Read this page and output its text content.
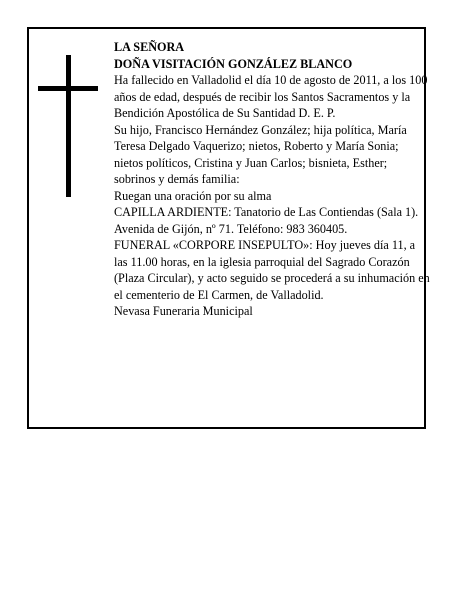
LA SEÑORA

DOÑA VISITACIÓN GONZÁLEZ BLANCO

Ha fallecido en Valladolid el día 10 de agosto de 2011, a los 100 años de edad, después de recibir los Santos Sacramentos y la Bendición Apostólica de Su Santidad D. E. P.

Su hijo, Francisco Hernández González; hija política, María Teresa Delgado Vaquerizo; nietos, Roberto y María Sonia; nietos políticos, Cristina y Juan Carlos; bisnieta, Esther; sobrinos y demás familia:

Ruegan una oración por su alma

CAPILLA ARDIENTE: Tanatorio de Las Contiendas (Sala 1). Avenida de Gijón, nº 71. Teléfono: 983 360405.

FUNERAL «CORPORE INSEPULTO»: Hoy jueves día 11, a las 11.00 horas, en la iglesia parroquial del Sagrado Corazón (Plaza Circular), y acto seguido se procederá a su inhumación en el cementerio de El Carmen, de Valladolid.

Nevasa Funeraria Municipal
